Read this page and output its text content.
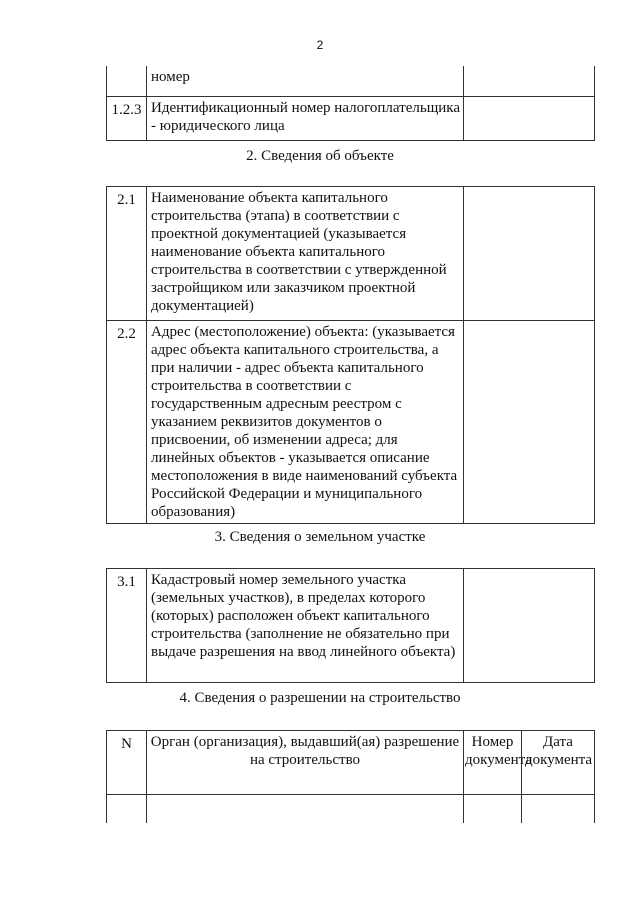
2
	номер	
1.2.3	Идентификационный номер налогоплательщика - юридического лица	
2. Сведения об объекте
2.1	Наименование объекта капитального строительства (этапа) в соответствии с проектной документацией (указывается наименование объекта капитального строительства в соответствии с утвержденной застройщиком или заказчиком проектной документацией)	
2.2	Адрес (местоположение) объекта: (указывается адрес объекта капитального строительства, а при наличии - адрес объекта капитального строительства в соответствии с государственным адресным реестром с указанием реквизитов документов о присвоении, об изменении адреса; для линейных объектов - указывается описание местоположения в виде наименований субъекта Российской Федерации и муниципального образования)	
3. Сведения о земельном участке
3.1	Кадастровый номер земельного участка (земельных участков), в пределах которого (которых) расположен объект капитального строительства (заполнение не обязательно при выдаче разрешения на ввод линейного объекта)	
4. Сведения о разрешении на строительство
N	Орган (организация), выдавший(ая) разрешение на строительство	Номер документа	Дата документа
